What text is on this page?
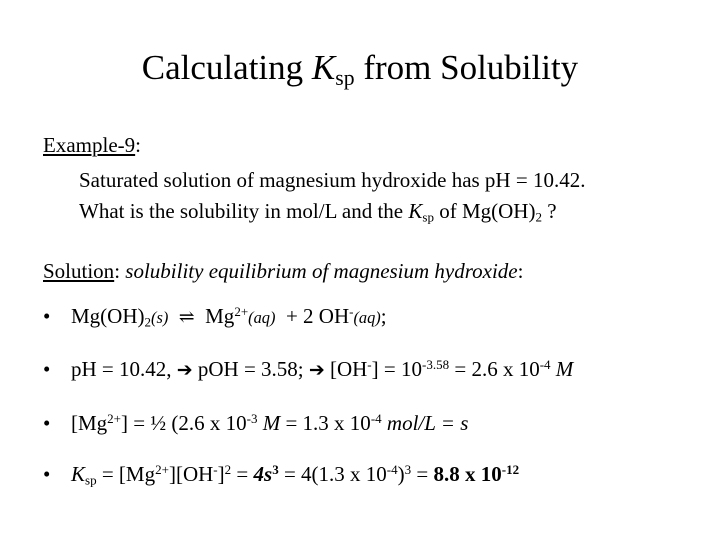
Calculating $K_{sp}$ from Solubility
Example-9:
Saturated solution of magnesium hydroxide has pH = 10.42.
What is the solubility in mol/L and the $K_{sp}$ of $Mg(OH)_2$ ?
Solution: solubility equilibrium of magnesium hydroxide:
• $Mg(OH)_2(s)$ ⇌ $Mg^{2+}(aq) + 2$ OH-(aq);
• pH = 10.42, ➔ pOH = 3.58; ➔ $[OH^-] = 10^{-3.58} = 2.6$ x $10^{-4}$ M
• $[Mg^{2+}]$ = ½ (2.6 x $10^{-3}$ M = 1.3 x $10^{-4}$ mol/L = s
• $K_{sp} = [Mg^{2+}][OH^-]^2 = 4s^3 = 4(1.3$ x $10^{-4})^3 = 8.8$ x $10^{-12}$
